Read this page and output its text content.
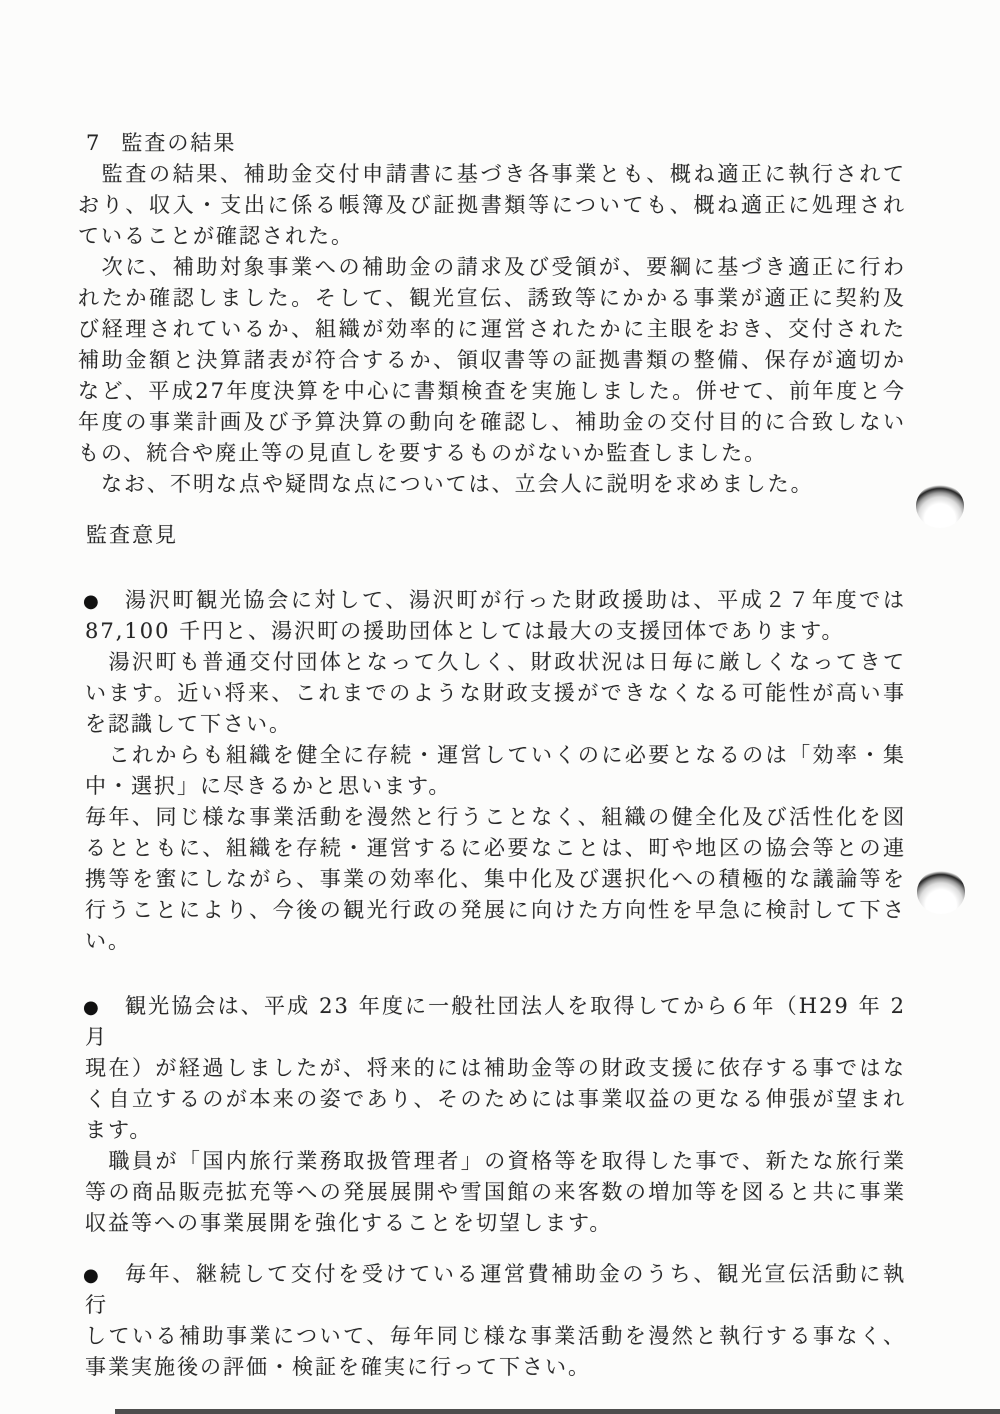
7 監査の結果
　監査の結果、補助金交付申請書に基づき各事業とも、概ね適正に執行されて
おり、収入・支出に係る帳簿及び証拠書類等についても、概ね適正に処理され
ていることが確認された。
　次に、補助対象事業への補助金の請求及び受領が、要綱に基づき適正に行わ
れたか確認しました。そして、観光宣伝、誘致等にかかる事業が適正に契約及
び経理されているか、組織が効率的に運営されたかに主眼をおき、交付された
補助金額と決算諸表が符合するか、領収書等の証拠書類の整備、保存が適切か
など、平成27年度決算を中心に書類検査を実施しました。併せて、前年度と今
年度の事業計画及び予算決算の動向を確認し、補助金の交付目的に合致しない
もの、統合や廃止等の見直しを要するものがないか監査しました。
　なお、不明な点や疑問な点については、立会人に説明を求めました。
監査意見
●	湯沢町観光協会に対して、湯沢町が行った財政援助は、平成２７年度では
87,100 千円と、湯沢町の援助団体としては最大の支援団体であります。
　湯沢町も普通交付団体となって久しく、財政状況は日毎に厳しくなってきて
います。近い将来、これまでのような財政支援ができなくなる可能性が高い事
を認識して下さい。
　これからも組織を健全に存続・運営していくのに必要となるのは「効率・集
中・選択」に尽きるかと思います。
毎年、同じ様な事業活動を漫然と行うことなく、組織の健全化及び活性化を図
るとともに、組織を存続・運営するに必要なことは、町や地区の協会等との連
携等を蜜にしながら、事業の効率化、集中化及び選択化への積極的な議論等を
行うことにより、今後の観光行政の発展に向けた方向性を早急に検討して下さ
い。
●	観光協会は、平成 23 年度に一般社団法人を取得してから６年（H29 年 2 月
現在）が経過しましたが、将来的には補助金等の財政支援に依存する事ではな
く自立するのが本来の姿であり、そのためには事業収益の更なる伸張が望まれ
ます。
　職員が「国内旅行業務取扱管理者」の資格等を取得した事で、新たな旅行業
等の商品販売拡充等への発展展開や雪国館の来客数の増加等を図ると共に事業
収益等への事業展開を強化することを切望します。
●	毎年、継続して交付を受けている運営費補助金のうち、観光宣伝活動に執行
している補助事業について、毎年同じ様な事業活動を漫然と執行する事なく、
事業実施後の評価・検証を確実に行って下さい。
